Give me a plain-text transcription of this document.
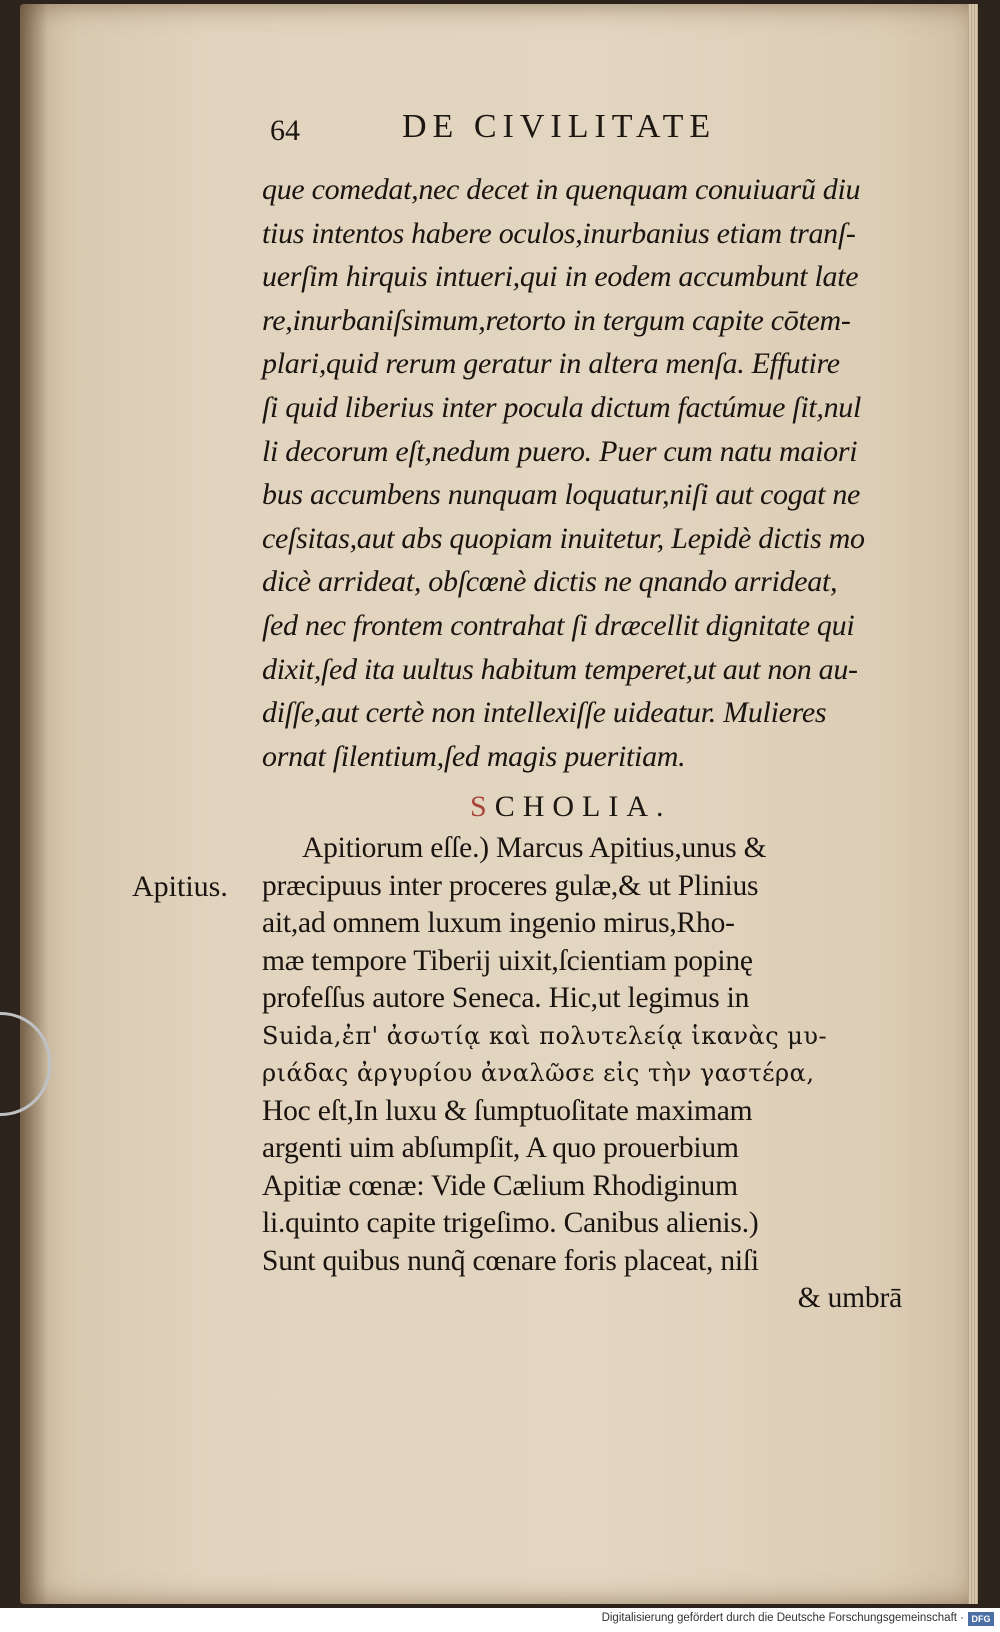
64	DE CIVILITATE
que comedat,nec decet in quenquam conuiuarũ diu
tius intentos habere oculos,inurbanius etiam tranſ-
uerſim hirquis intueri,qui in eodem accumbunt late
re,inurbaniſsimum,retorto in tergum capite cōtem-
plari,quid rerum geratur in altera menſa. Effutire
ſi quid liberius inter pocula dictum factúmue ſit,nul
li decorum eſt,nedum puero. Puer cum natu maiori
bus accumbens nunquam loquatur,niſi aut cogat ne
ceſsitas,aut abs quopiam inuitetur, Lepidè dictis mo
dicè arrideat, obſcœnè dictis ne qnando arrideat,
ſed nec frontem contrahat ſi dræcellit dignitate qui
dixit,ſed ita uultus habitum temperet,ut aut non au-
diſſe,aut certè non intellexiſſe uideatur. Mulieres
ornat ſilentium,ſed magis pueritiam.
SCHOLIA.
Apitius.
Apitiorum eſſe.) Marcus Apitius,unus &
præcipuus inter proceres gulæ,& ut Plinius
ait,ad omnem luxum ingenio mirus,Rho-
mæ tempore Tiberij uixit,ſcientiam popinę
profeſſus autore Seneca. Hic,ut legimus in
Suida,ἐπ' ἀσωτίᾳ καὶ πολυτελείᾳ ἱκανὰς μυ-
ριάδας ἀργυρίου ἀναλῶσε εἰς τὴν γαστέρα,
Hoc eſt,In luxu & ſumptuoſitate maximam
argenti uim abſumpſit, A quo prouerbium
Apitiæ cœnæ: Vide Cælium Rhodiginum
li.quinto capite trigeſimo. Canibus alienis.)
Sunt quibus nunq̃ cœnare foris placeat, niſi
& umbrā
Digitalisierung gefördert durch die Deutsche Forschungsgemeinschaft · DFG
